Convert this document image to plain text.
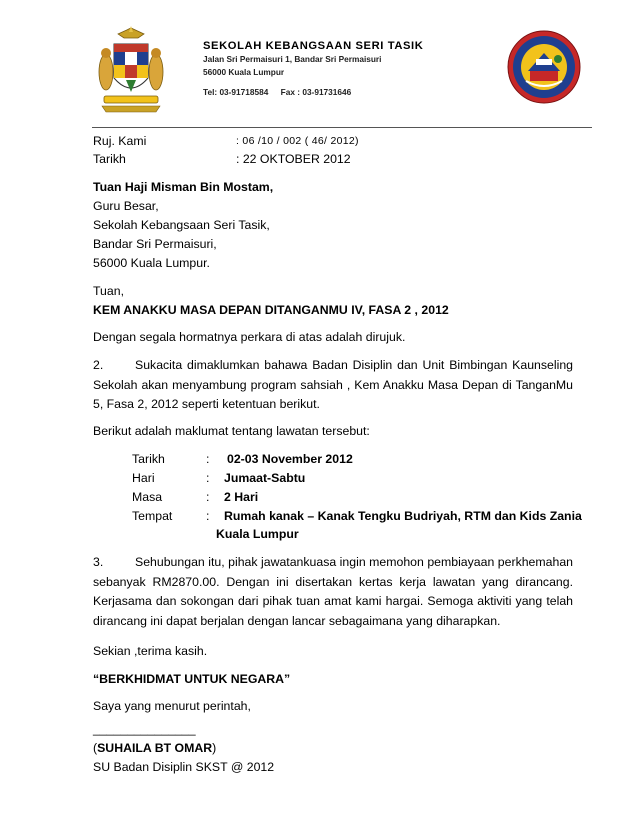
SEKOLAH KEBANGSAAN SERI TASIK
Jalan Sri Permaisuri 1, Bandar Sri Permaisuri
56000 Kuala Lumpur
Tel: 03-91718584 Fax : 03-91731646
Ruj. Kami	: 06 /10 / 002 ( 46/ 2012)
Tarikh	: 22 OKTOBER 2012
Tuan Haji Misman Bin Mostam,
Guru Besar,
Sekolah Kebangsaan Seri Tasik,
Bandar Sri Permaisuri,
56000 Kuala Lumpur.
Tuan,
KEM ANAKKU MASA DEPAN DITANGANMU IV, FASA 2 , 2012
Dengan segala hormatnya perkara di atas adalah dirujuk.
2.	Sukacita dimaklumkan bahawa Badan Disiplin dan Unit Bimbingan Kaunseling Sekolah akan menyambung program sahsiah , Kem Anakku Masa Depan di TanganMu 5, Fasa 2, 2012 seperti ketentuan berikut.
Berikut adalah maklumat tentang lawatan tersebut:
Tarikh	: 02-03 November 2012
Hari	: Jumaat-Sabtu
Masa	: 2 Hari
Tempat	: Rumah kanak – Kanak Tengku Budriyah, RTM dan Kids Zania
Kuala Lumpur
3.	Sehubungan itu, pihak jawatankuasa ingin memohon pembiayaan perkhemahan sebanyak RM2870.00. Dengan ini disertakan kertas kerja lawatan yang dirancang. Kerjasama dan sokongan dari pihak tuan amat kami hargai. Semoga aktiviti yang telah dirancang ini dapat berjalan dengan lancar sebagaimana yang diharapkan.
Sekian ,terima kasih.
“BERKHIDMAT UNTUK NEGARA”
Saya yang menurut perintah,
_______________
(SUHAILA BT OMAR)
SU Badan Disiplin SKST @ 2012
